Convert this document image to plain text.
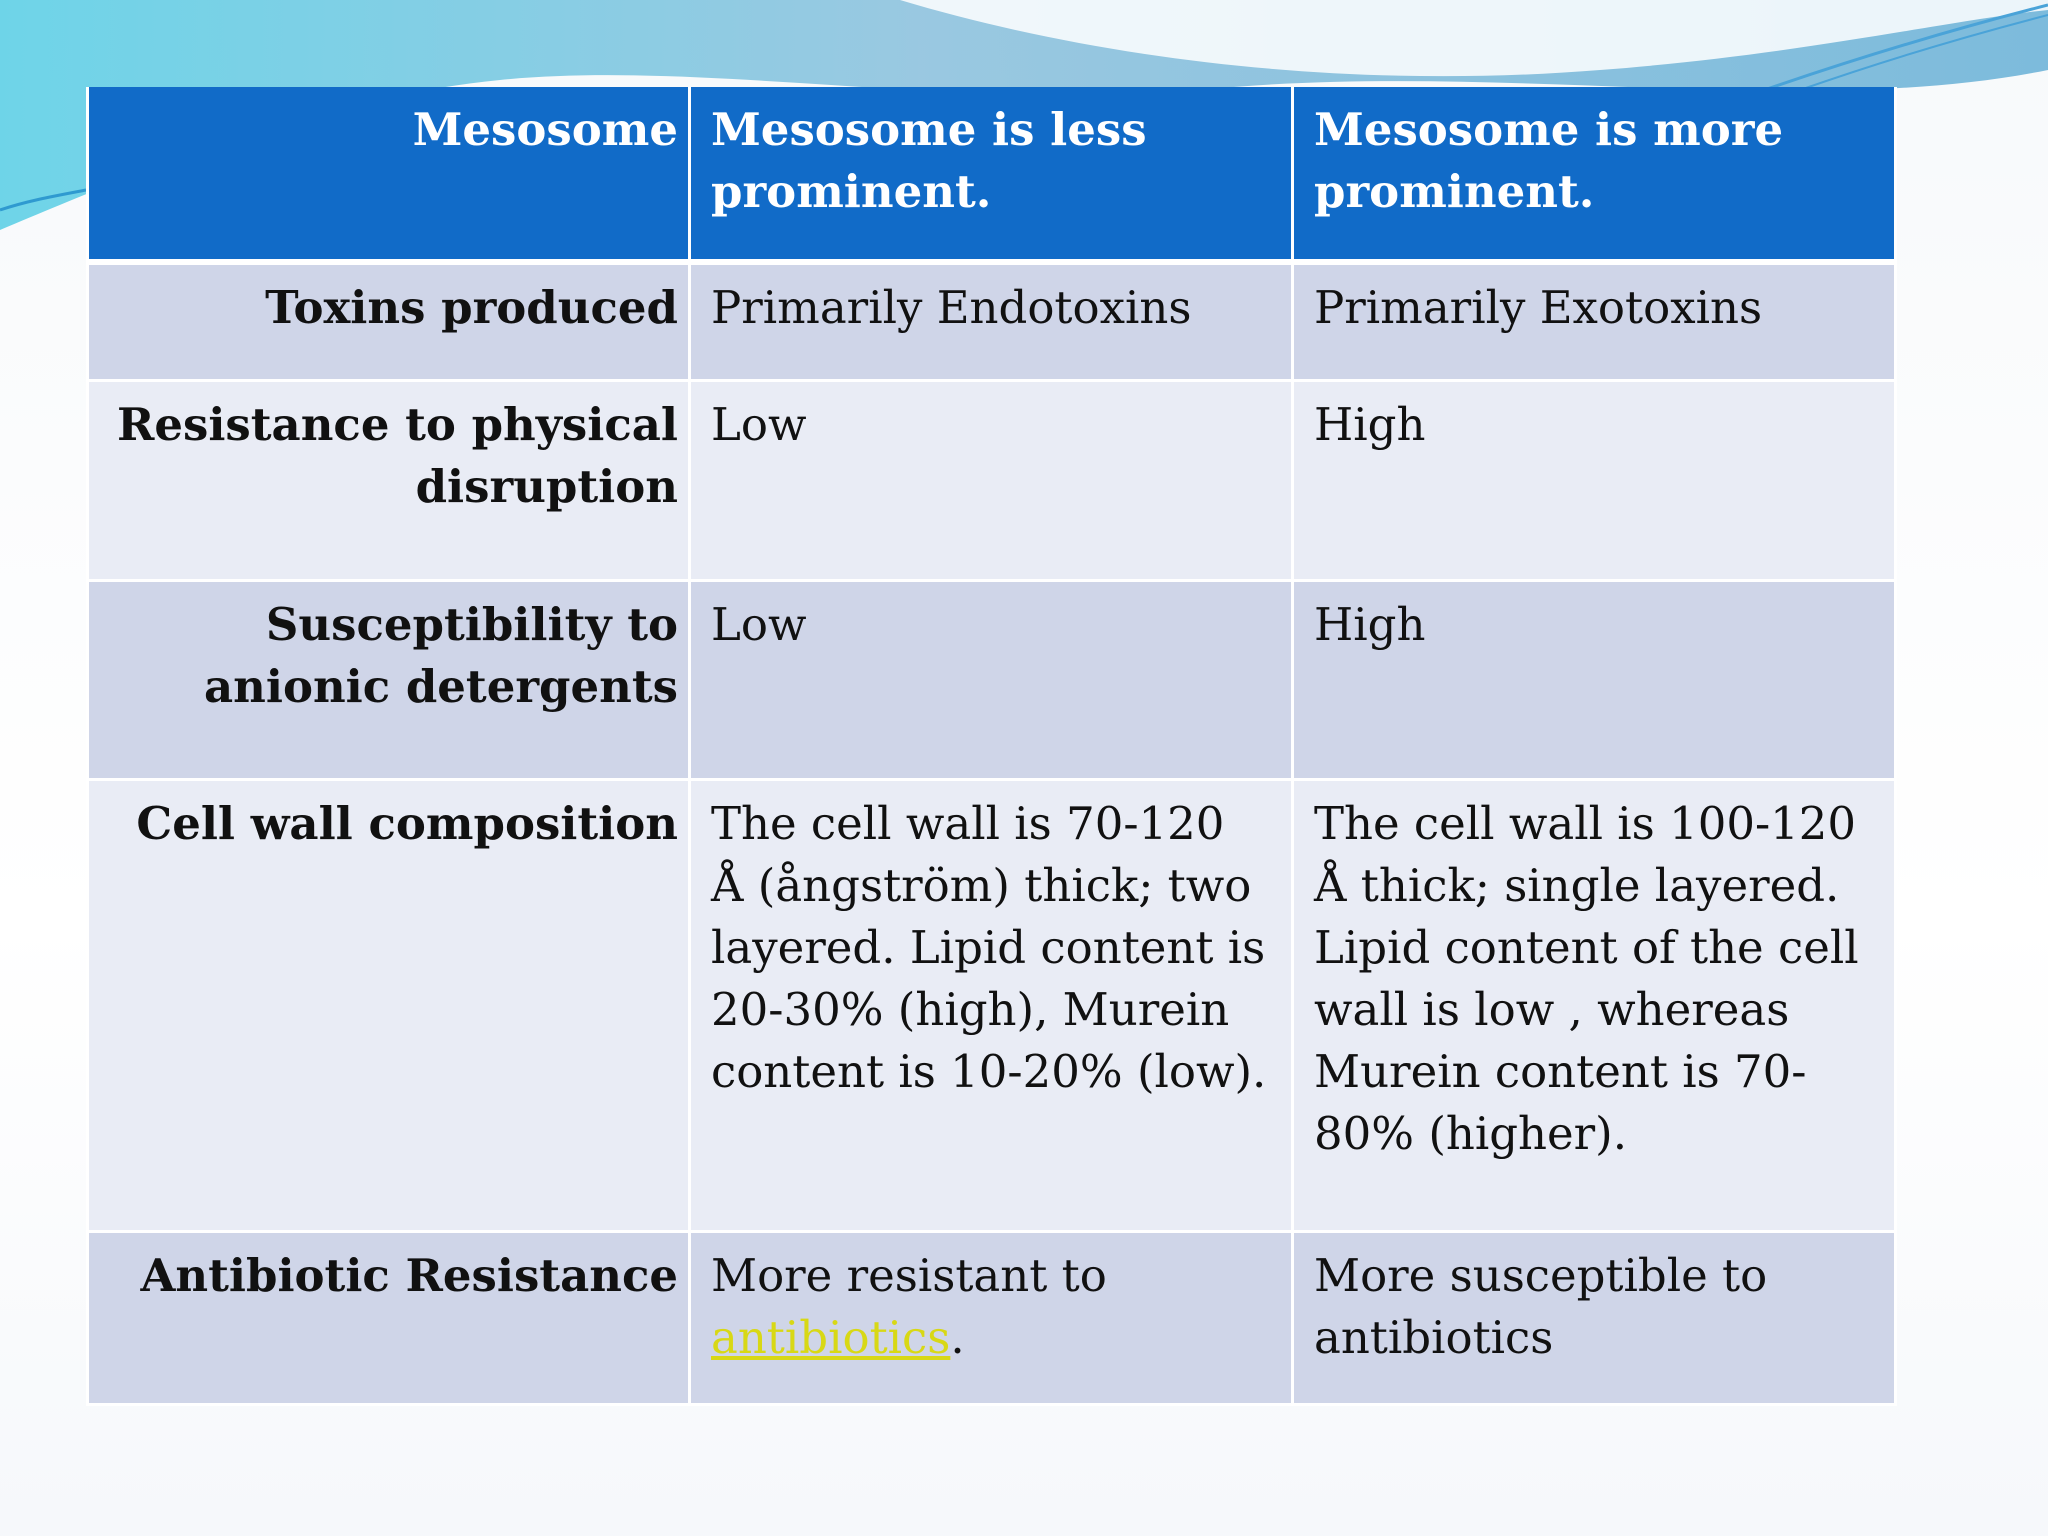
Mesosome	Mesosome is less prominent.	Mesosome is more prominent.
Toxins produced	Primarily Endotoxins	Primarily Exotoxins
Resistance to physical disruption	Low	High
Susceptibility to anionic detergents	Low	High
Cell wall composition	The cell wall is 70-120 Å (ångström) thick; two layered. Lipid content is 20-30% (high), Murein content is 10-20% (low).	The cell wall is 100-120 Å thick; single layered. Lipid content of the cell wall is low , whereas Murein content is 70-80% (higher).
Antibiotic Resistance	More resistant to antibiotics.	More susceptible to antibiotics
